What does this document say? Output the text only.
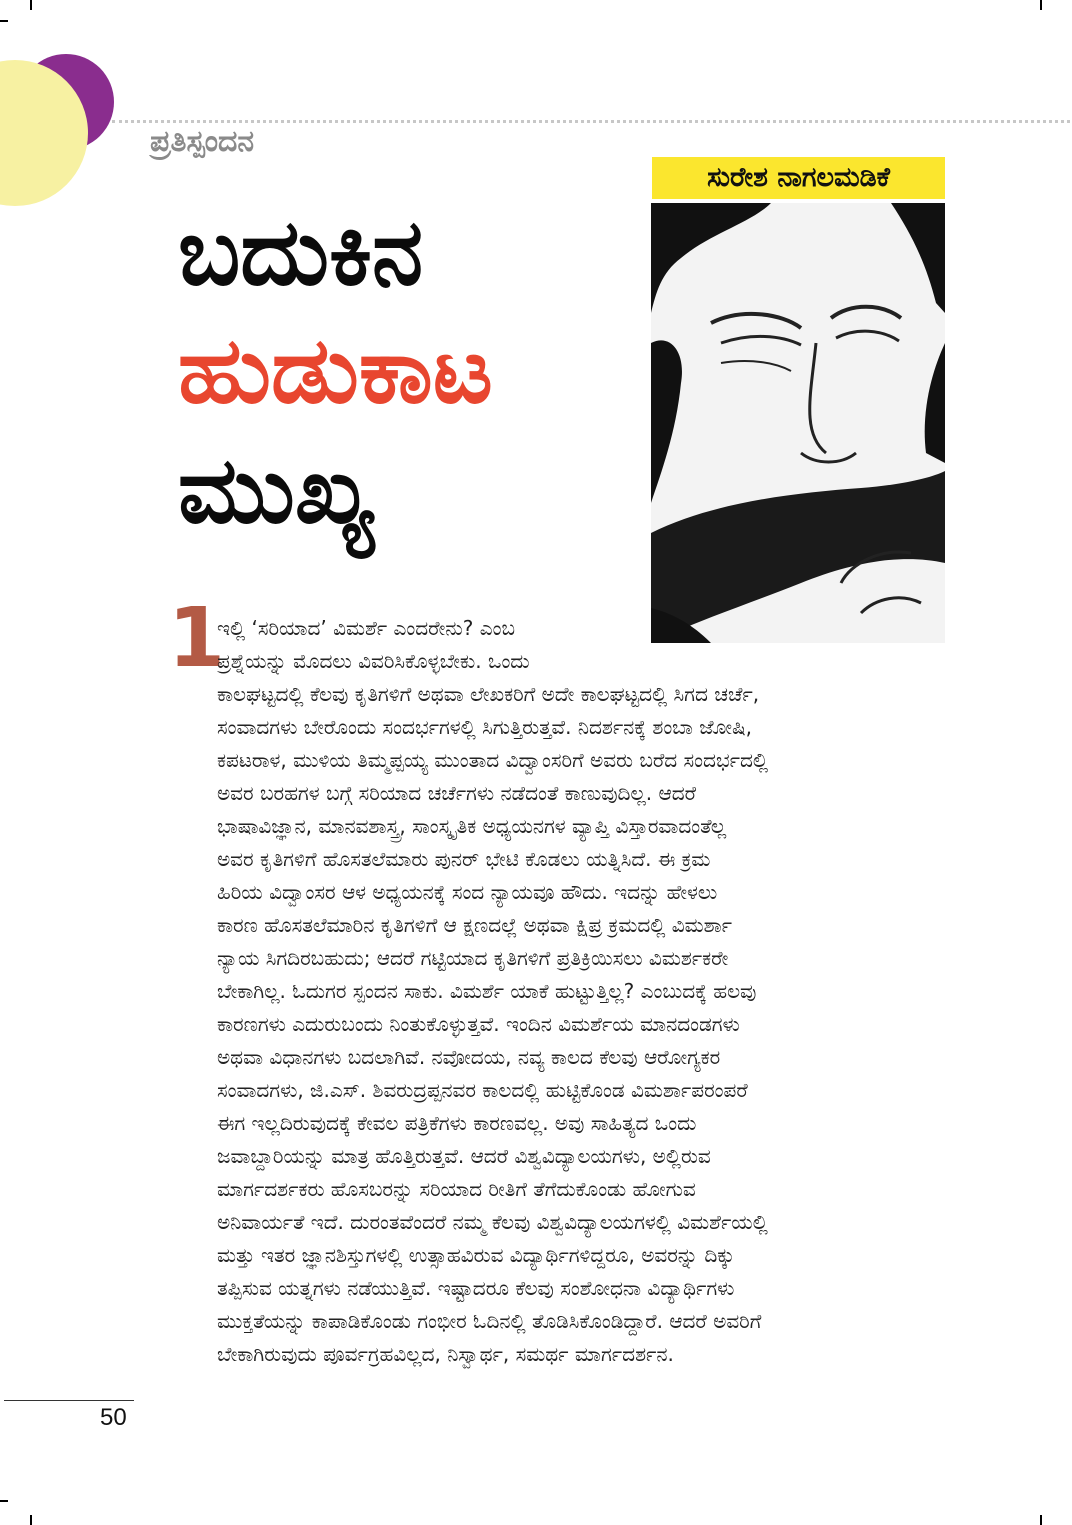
ಪ್ರತಿಸ್ಪಂದನ
ಸುರೇಶ ನಾಗಲಮಡಿಕೆ
ಬದುಕಿನ
ಹುಡುಕಾಟ
ಮುಖ್ಯ
1
ಇಲ್ಲಿ ‘ಸರಿಯಾದ’ ವಿಮರ್ಶೆ ಎಂದರೇನು? ಎಂಬ
ಪ್ರಶ್ನೆಯನ್ನು ಮೊದಲು ವಿವರಿಸಿಕೊಳ್ಳಬೇಕು. ಒಂದು
ಕಾಲಘಟ್ಟದಲ್ಲಿ ಕೆಲವು ಕೃತಿಗಳಿಗೆ ಅಥವಾ ಲೇಖಕರಿಗೆ ಅದೇ ಕಾಲಘಟ್ಟದಲ್ಲಿ ಸಿಗದ ಚರ್ಚೆ,
ಸಂವಾದಗಳು ಬೇರೊಂದು ಸಂದರ್ಭಗಳಲ್ಲಿ ಸಿಗುತ್ತಿರುತ್ತವೆ. ನಿದರ್ಶನಕ್ಕೆ ಶಂಬಾ ಜೋಷಿ,
ಕಪಟರಾಳ, ಮುಳಿಯ ತಿಮ್ಮಪ್ಪಯ್ಯ ಮುಂತಾದ ವಿದ್ವಾಂಸರಿಗೆ ಅವರು ಬರೆದ ಸಂದರ್ಭದಲ್ಲಿ
ಅವರ ಬರಹಗಳ ಬಗ್ಗೆ ಸರಿಯಾದ ಚರ್ಚೆಗಳು ನಡೆದಂತೆ ಕಾಣುವುದಿಲ್ಲ. ಆದರೆ
ಭಾಷಾವಿಜ್ಞಾನ, ಮಾನವಶಾಸ್ತ್ರ, ಸಾಂಸ್ಕೃತಿಕ ಅಧ್ಯಯನಗಳ ವ್ಯಾಪ್ತಿ ವಿಸ್ತಾರವಾದಂತೆಲ್ಲ
ಅವರ ಕೃತಿಗಳಿಗೆ ಹೊಸತಲೆಮಾರು ಪುನರ್ ಭೇಟಿ ಕೊಡಲು ಯತ್ನಿಸಿದೆ. ಈ ಕ್ರಮ
ಹಿರಿಯ ವಿದ್ವಾಂಸರ ಆಳ ಅಧ್ಯಯನಕ್ಕೆ ಸಂದ ನ್ಯಾಯವೂ ಹೌದು. ಇದನ್ನು ಹೇಳಲು
ಕಾರಣ ಹೊಸತಲೆಮಾರಿನ ಕೃತಿಗಳಿಗೆ ಆ ಕ್ಷಣದಲ್ಲೆ ಅಥವಾ ಕ್ಷಿಪ್ರ ಕ್ರಮದಲ್ಲಿ ವಿಮರ್ಶಾ
ನ್ಯಾಯ ಸಿಗದಿರಬಹುದು; ಆದರೆ ಗಟ್ಟಿಯಾದ ಕೃತಿಗಳಿಗೆ ಪ್ರತಿಕ್ರಿಯಿಸಲು ವಿಮರ್ಶಕರೇ
ಬೇಕಾಗಿಲ್ಲ. ಓದುಗರ ಸ್ಪಂದನ ಸಾಕು. ವಿಮರ್ಶೆ ಯಾಕೆ ಹುಟ್ಟುತ್ತಿಲ್ಲ? ಎಂಬುದಕ್ಕೆ ಹಲವು
ಕಾರಣಗಳು ಎದುರುಬಂದು ನಿಂತುಕೊಳ್ಳುತ್ತವೆ. ಇಂದಿನ ವಿಮರ್ಶೆಯ ಮಾನದಂಡಗಳು
ಅಥವಾ ವಿಧಾನಗಳು ಬದಲಾಗಿವೆ. ನವೋದಯ, ನವ್ಯ ಕಾಲದ ಕೆಲವು ಆರೋಗ್ಯಕರ
ಸಂವಾದಗಳು, ಜಿ.ಎಸ್. ಶಿವರುದ್ರಪ್ಪನವರ ಕಾಲದಲ್ಲಿ ಹುಟ್ಟಿಕೊಂಡ ವಿಮರ್ಶಾಪರಂಪರೆ
ಈಗ ಇಲ್ಲದಿರುವುದಕ್ಕೆ ಕೇವಲ ಪತ್ರಿಕೆಗಳು ಕಾರಣವಲ್ಲ. ಅವು ಸಾಹಿತ್ಯದ ಒಂದು
ಜವಾಬ್ದಾರಿಯನ್ನು ಮಾತ್ರ ಹೊತ್ತಿರುತ್ತವೆ. ಆದರೆ ವಿಶ್ವವಿದ್ಯಾಲಯಗಳು, ಅಲ್ಲಿರುವ
ಮಾರ್ಗದರ್ಶಕರು ಹೊಸಬರನ್ನು ಸರಿಯಾದ ರೀತಿಗೆ ತೆಗೆದುಕೊಂಡು ಹೋಗುವ
ಅನಿವಾರ್ಯತೆ ಇದೆ. ದುರಂತವೆಂದರೆ ನಮ್ಮ ಕೆಲವು ವಿಶ್ವವಿದ್ಯಾಲಯಗಳಲ್ಲಿ ವಿಮರ್ಶೆಯಲ್ಲಿ
ಮತ್ತು ಇತರ ಜ್ಞಾನಶಿಸ್ತುಗಳಲ್ಲಿ ಉತ್ಸಾಹವಿರುವ ವಿದ್ಯಾರ್ಥಿಗಳಿದ್ದರೂ, ಅವರನ್ನು ದಿಕ್ಕು
ತಪ್ಪಿಸುವ ಯತ್ನಗಳು ನಡೆಯುತ್ತಿವೆ. ಇಷ್ಟಾದರೂ ಕೆಲವು ಸಂಶೋಧನಾ ವಿದ್ಯಾರ್ಥಿಗಳು
ಮುಕ್ತತೆಯನ್ನು ಕಾಪಾಡಿಕೊಂಡು ಗಂಭೀರ ಓದಿನಲ್ಲಿ ತೊಡಿಸಿಕೊಂಡಿದ್ದಾರೆ. ಆದರೆ ಅವರಿಗೆ
ಬೇಕಾಗಿರುವುದು ಪೂರ್ವಗ್ರಹವಿಲ್ಲದ, ನಿಸ್ವಾರ್ಥ, ಸಮರ್ಥ ಮಾರ್ಗದರ್ಶನ.
50
